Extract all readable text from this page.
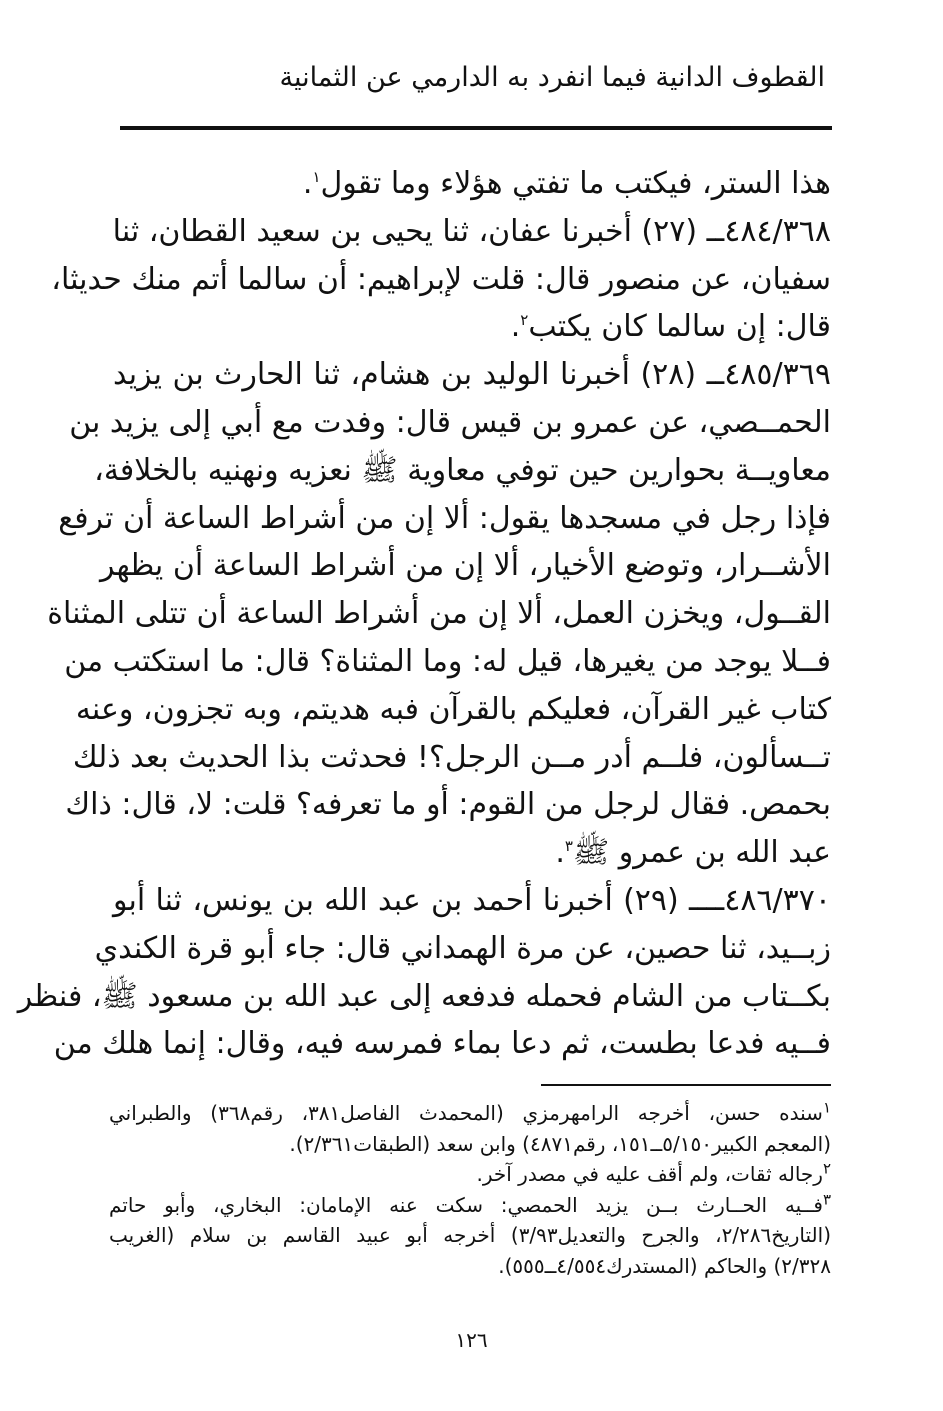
القطوف الدانية فيما انفرد به الدارمي عن الثمانية
هذا الستر، فيكتب ما تفتي هؤلاء وما تقول$^١$.
٤٨٤/٣٦٨ــ (٢٧) أخبرنا عفان، ثنا يحيى بن سعيد القطان، ثنا
سفيان، عن منصور قال: قلت لإبراهيم: أن سالما أتم منك حديثا،
قال: إن سالما كان يكتب$^٢$.
٤٨٥/٣٦٩ــ (٢٨) أخبرنا الوليد بن هشام، ثنا الحارث بن يزيد
الحمــصي، عن عمرو بن قيس قال: وفدت مع أبي إلى يزيد بن
معاويــة بحوارين حين توفي معاوية ﷺ نعزيه ونهنيه بالخلافة،
فإذا رجل في مسجدها يقول: ألا إن من أشراط الساعة أن ترفع
الأشــرار، وتوضع الأخيار، ألا إن من أشراط الساعة أن يظهر
القــول، ويخزن العمل، ألا إن من أشراط الساعة أن تتلى المثناة
فــلا يوجد من يغيرها، قيل له: وما المثناة؟ قال: ما استكتب من
كتاب غير القرآن، فعليكم بالقرآن فبه هديتم، وبه تجزون، وعنه
تــسألون، فلــم أدر مــن الرجل؟! فحدثت بذا الحديث بعد ذلك
بحمص. فقال لرجل من القوم: أو ما تعرفه؟ قلت: لا، قال: ذاك
عبد الله بن عمرو ﷺ$^٣$.
٤٨٦/٣٧٠ــــ (٢٩) أخبرنا أحمد بن عبد الله بن يونس، ثنا أبو
زبــيد، ثنا حصين، عن مرة الهمداني قال: جاء أبو قرة الكندي
بكــتاب من الشام فحمله فدفعه إلى عبد الله بن مسعود ﷺ، فنظر
فــيه فدعا بطست، ثم دعا بماء فمرسه فيه، وقال: إنما هلك من
$^١$سنده حسن، أخرجه الرامهرمزي (المحمدث الفاصل٣٨١، رقم٣٦٨) والطبراني
(المعجم الكبير٥/١٥٠ــ١٥١، رقم٤٨٧١) وابن سعد (الطبقات٢/٣٦١).
$^٢$رجاله ثقات، ولم أقف عليه في مصدر آخر.
$^٣$فــيه الحــارث بــن يزيد الحمصي: سكت عنه الإمامان: البخاري، وأبو حاتم
(التاريخ٢/٢٨٦، والجرح والتعديل٣/٩٣) أخرجه أبو عبيد القاسم بن سلام (الغريب
٢/٣٢٨) والحاكم (المستدرك٤/٥٥٤ــ٥٥٥).
١٢٦
